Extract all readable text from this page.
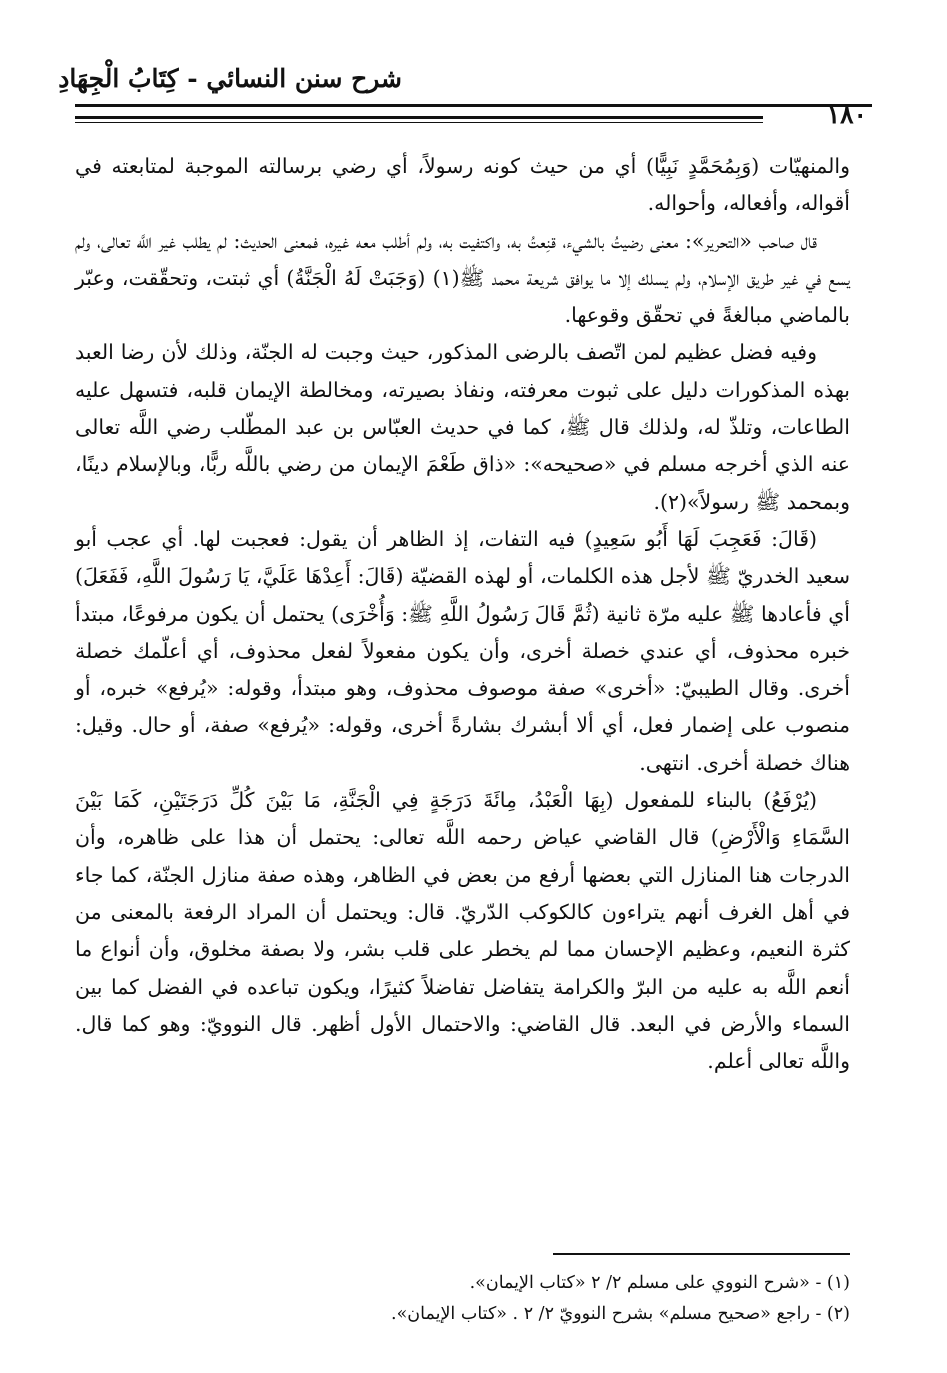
شرح سنن النسائي - كِتَابُ الْجِهَادِ
١٨٠

والمنهيّات (وَبِمُحَمَّدٍ نَبِيًّا) أي من حيث كونه رسولاً، أي رضي برسالته الموجبة لمتابعته في أقواله، وأفعاله، وأحواله.

قال صاحب «التحرير»: معنى رضيتُ بالشيء، قنِعتُ به، واكتفيت به، ولم أطلب معه غيره، فمعنى الحديث: لم يطلب غير اللَّه تعالى، ولم يسع في غير طريق الإسلام، ولم يسلك إلا ما يوافق شريعة محمد ﷺ(١) (وَجَبَتْ لَهُ الْجَنَّةُ) أي ثبتت، وتحقّقت، وعبّر بالماضي مبالغةً في تحقّق وقوعها.

وفيه فضل عظيم لمن اتّصف بالرضى المذكور، حيث وجبت له الجنّة، وذلك لأن رضا العبد بهذه المذكورات دليل على ثبوت معرفته، ونفاذ بصيرته، ومخالطة الإيمان قلبه، فتسهل عليه الطاعات، وتلذّ له، ولذلك قال ﷺ، كما في حديث العبّاس بن عبد المطّلب رضي اللَّه تعالى عنه الذي أخرجه مسلم في «صحيحه»: «ذاق طَعْمَ الإيمان من رضي باللَّه ربًّا، وبالإسلام دينًا، وبمحمد ﷺ رسولاً»(٢).

(قَالَ: فَعَجِبَ لَهَا أَبُو سَعِيدٍ) فيه التفات، إذ الظاهر أن يقول: فعجبت لها. أي عجب أبو سعيد الخدريّ ﷺ لأجل هذه الكلمات، أو لهذه القضيّة (قَالَ: أَعِدْهَا عَلَيَّ، يَا رَسُولَ اللَّهِ، فَفَعَلَ) أي فأعادها ﷺ عليه مرّة ثانية (ثُمَّ قَالَ رَسُولُ اللَّهِ ﷺ: وَأُخْرَى) يحتمل أن يكون مرفوعًا، مبتدأ خبره محذوف، أي عندي خصلة أخرى، وأن يكون مفعولاً لفعل محذوف، أي أعلّمك خصلة أخرى. وقال الطيبيّ: «أخرى» صفة موصوف محذوف، وهو مبتدأ، وقوله: «يُرفع» خبره، أو منصوب على إضمار فعل، أي ألا أبشرك بشارةً أخرى، وقوله: «يُرفع» صفة، أو حال. وقيل: هناك خصلة أخرى. انتهى.

(يُرْفَعُ) بالبناء للمفعول (بِهَا الْعَبْدُ، مِائَةَ دَرَجَةٍ فِي الْجَنَّةِ، مَا بَيْنَ كُلِّ دَرَجَتَيْنِ، كَمَا بَيْنَ السَّمَاءِ وَالْأَرْضِ) قال القاضي عياض رحمه اللَّه تعالى: يحتمل أن هذا على ظاهره، وأن الدرجات هنا المنازل التي بعضها أرفع من بعض في الظاهر، وهذه صفة منازل الجنّة، كما جاء في أهل الغرف أنهم يتراءون كالكوكب الدّريّ. قال: ويحتمل أن المراد الرفعة بالمعنى من كثرة النعيم، وعظيم الإحسان مما لم يخطر على قلب بشر، ولا بصفة مخلوق، وأن أنواع ما أنعم اللَّه به عليه من البرّ والكرامة يتفاضل تفاضلاً كثيرًا، ويكون تباعده في الفضل كما بين السماء والأرض في البعد. قال القاضي: والاحتمال الأول أظهر. قال النوويّ: وهو كما قال. واللَّه تعالى أعلم.

(١) - «شرح النووي على مسلم ٢/ ٢ «كتاب الإيمان».

(٢) - راجع «صحيح مسلم» بشرح النوويّ ٢/ ٢ . «كتاب الإيمان».
